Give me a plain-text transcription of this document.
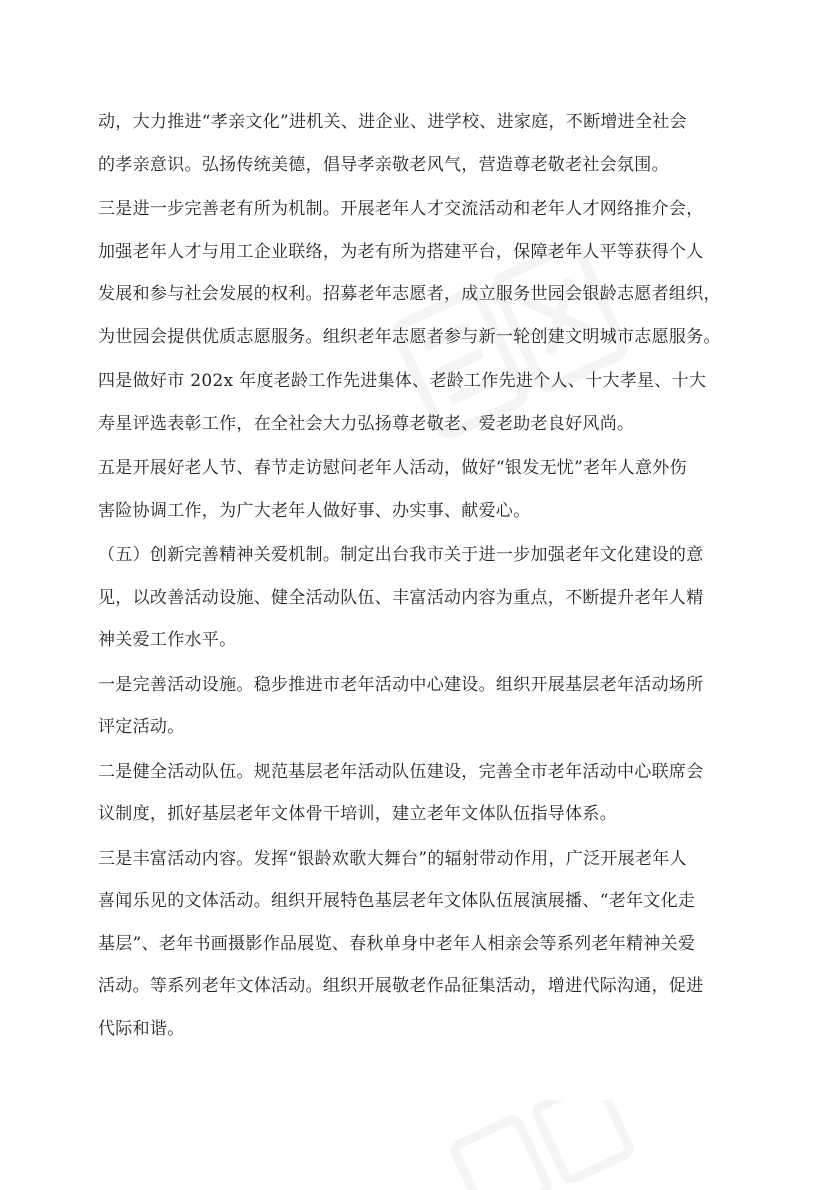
动，大力推进“孝亲文化”进机关、进企业、进学校、进家庭，不断增进全社会
的孝亲意识。弘扬传统美德，倡导孝亲敬老风气，营造尊老敬老社会氛围。

三是进一步完善老有所为机制。开展老年人才交流活动和老年人才网络推介会，
加强老年人才与用工企业联络，为老有所为搭建平台，保障老年人平等获得个人
发展和参与社会发展的权利。招募老年志愿者，成立服务世园会银龄志愿者组织，
为世园会提供优质志愿服务。组织老年志愿者参与新一轮创建文明城市志愿服务。

四是做好市 202x 年度老龄工作先进集体、老龄工作先进个人、十大孝星、十大
寿星评选表彰工作，在全社会大力弘扬尊老敬老、爱老助老良好风尚。

五是开展好老人节、春节走访慰问老年人活动，做好“银发无忧”老年人意外伤
害险协调工作，为广大老年人做好事、办实事、献爱心。

（五）创新完善精神关爱机制。制定出台我市关于进一步加强老年文化建设的意
见，以改善活动设施、健全活动队伍、丰富活动内容为重点，不断提升老年人精
神关爱工作水平。

一是完善活动设施。稳步推进市老年活动中心建设。组织开展基层老年活动场所
评定活动。

二是健全活动队伍。规范基层老年活动队伍建设，完善全市老年活动中心联席会
议制度，抓好基层老年文体骨干培训，建立老年文体队伍指导体系。

三是丰富活动内容。发挥“银龄欢歌大舞台”的辐射带动作用，广泛开展老年人
喜闻乐见的文体活动。组织开展特色基层老年文体队伍展演展播、“老年文化走
基层”、老年书画摄影作品展览、春秋单身中老年人相亲会等系列老年精神关爱
活动。等系列老年文体活动。组织开展敬老作品征集活动，增进代际沟通，促进
代际和谐。
